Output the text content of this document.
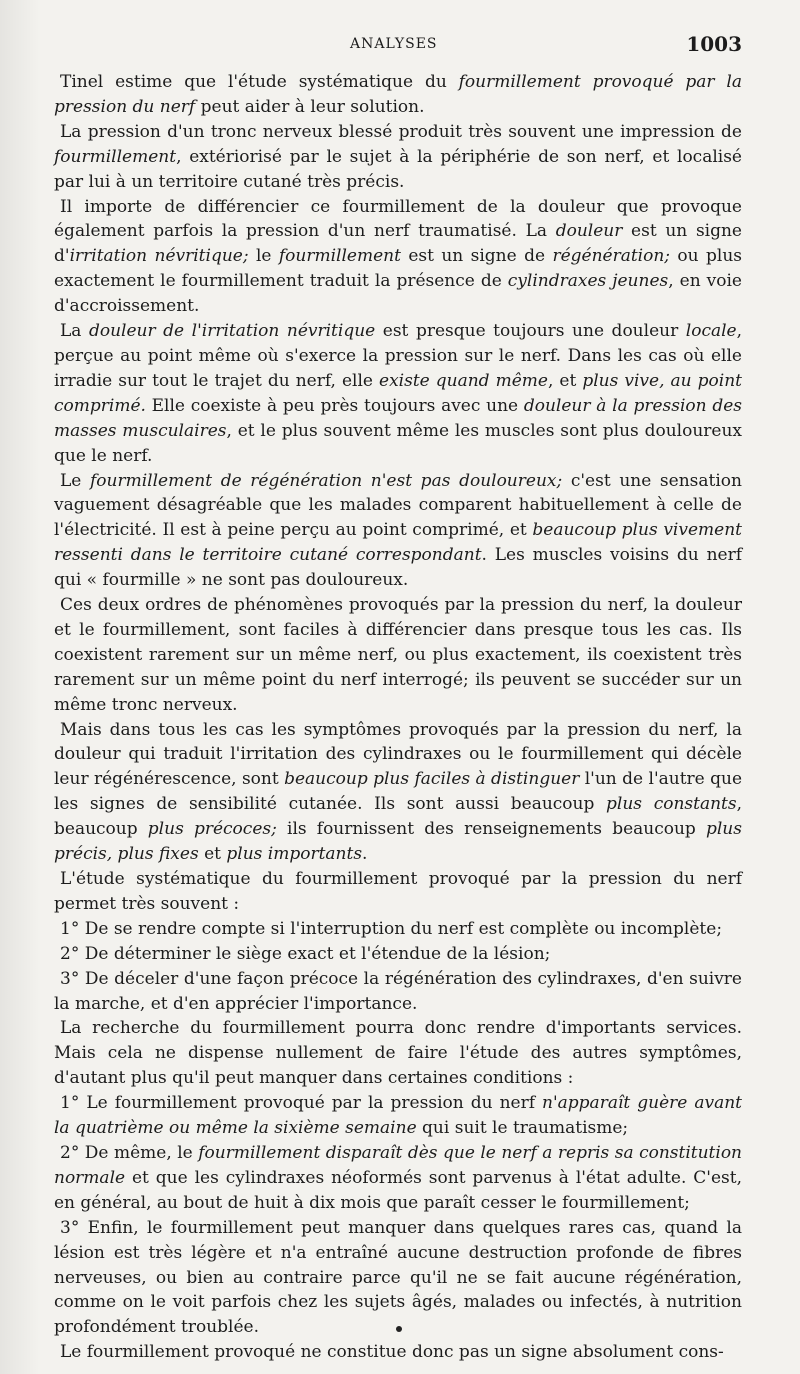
ANALYSES	1003

Tinel estime que l'étude systématique du fourmillement provoqué par la pression du nerf peut aider à leur solution.

La pression d'un tronc nerveux blessé produit très souvent une impression de fourmillement, extériorisé par le sujet à la périphérie de son nerf, et localisé par lui à un territoire cutané très précis.

Il importe de différencier ce fourmillement de la douleur que provoque également parfois la pression d'un nerf traumatisé. La douleur est un signe d'irritation névritique; le fourmillement est un signe de régénération; ou plus exactement le fourmillement traduit la présence de cylindraxes jeunes, en voie d'accroissement.

La douleur de l'irritation névritique est presque toujours une douleur locale, perçue au point même où s'exerce la pression sur le nerf. Dans les cas où elle irradie sur tout le trajet du nerf, elle existe quand même, et plus vive, au point comprimé. Elle coexiste à peu près toujours avec une douleur à la pression des masses musculaires, et le plus souvent même les muscles sont plus douloureux que le nerf.

Le fourmillement de régénération n'est pas douloureux; c'est une sensation vaguement désagréable que les malades comparent habituellement à celle de l'électricité. Il est à peine perçu au point comprimé, et beaucoup plus vivement ressenti dans le territoire cutané correspondant. Les muscles voisins du nerf qui « fourmille » ne sont pas douloureux.

Ces deux ordres de phénomènes provoqués par la pression du nerf, la douleur et le fourmillement, sont faciles à différencier dans presque tous les cas. Ils coexistent rarement sur un même nerf, ou plus exactement, ils coexistent très rarement sur un même point du nerf interrogé; ils peuvent se succéder sur un même tronc nerveux.

Mais dans tous les cas les symptômes provoqués par la pression du nerf, la douleur qui traduit l'irritation des cylindraxes ou le fourmillement qui décèle leur régénérescence, sont beaucoup plus faciles à distinguer l'un de l'autre que les signes de sensibilité cutanée. Ils sont aussi beaucoup plus constants, beaucoup plus précoces; ils fournissent des renseignements beaucoup plus précis, plus fixes et plus importants.

L'étude systématique du fourmillement provoqué par la pression du nerf permet très souvent :

1° De se rendre compte si l'interruption du nerf est complète ou incomplète;

2° De déterminer le siège exact et l'étendue de la lésion;

3° De déceler d'une façon précoce la régénération des cylindraxes, d'en suivre la marche, et d'en apprécier l'importance.

La recherche du fourmillement pourra donc rendre d'importants services. Mais cela ne dispense nullement de faire l'étude des autres symptômes, d'autant plus qu'il peut manquer dans certaines conditions :

1° Le fourmillement provoqué par la pression du nerf n'apparaît guère avant la quatrième ou même la sixième semaine qui suit le traumatisme;

2° De même, le fourmillement disparaît dès que le nerf a repris sa constitution normale et que les cylindraxes néoformés sont parvenus à l'état adulte. C'est, en général, au bout de huit à dix mois que paraît cesser le fourmillement;

3° Enfin, le fourmillement peut manquer dans quelques rares cas, quand la lésion est très légère et n'a entraîné aucune destruction profonde de fibres nerveuses, ou bien au contraire parce qu'il ne se fait aucune régénération, comme on le voit parfois chez les sujets âgés, malades ou infectés, à nutrition profondément troublée.

Le fourmillement provoqué ne constitue donc pas un signe absolument cons-
